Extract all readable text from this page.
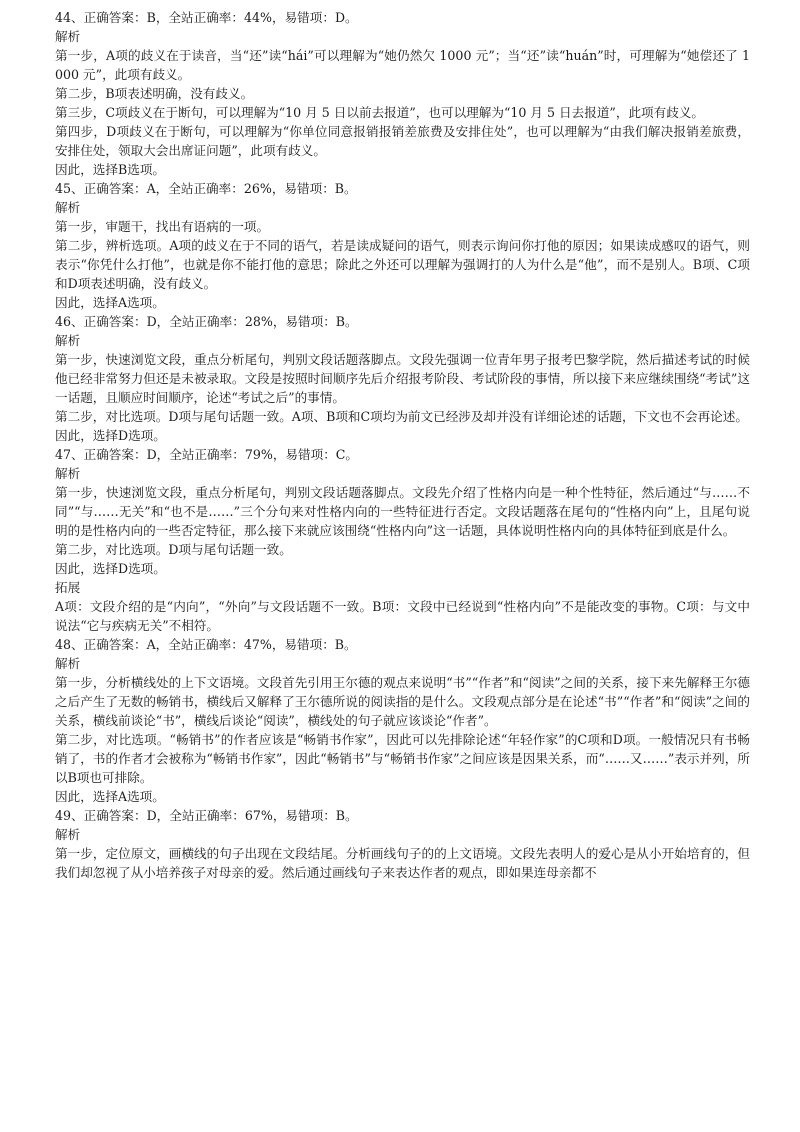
44、正确答案：B，全站正确率：44%，易错项：D。

解析

第一步，A项的歧义在于读音，当“还”读“hái”可以理解为“她仍然欠 1000 元”；当“还”读“huán”时，可理解为“她偿还了 1000 元”，此项有歧义。

第二步，B项表述明确，没有歧义。

第三步，C项歧义在于断句，可以理解为“10 月 5 日以前去报道”，也可以理解为“10 月 5 日去报道”，此项有歧义。

第四步，D项歧义在于断句，可以理解为“你单位同意报销报销差旅费及安排住处”，也可以理解为“由我们解决报销差旅费，安排住处，领取大会出席证问题”，此项有歧义。

因此，选择B选项。

45、正确答案：A，全站正确率：26%，易错项：B。

解析

第一步，审题干，找出有语病的一项。

第二步，辨析选项。A项的歧义在于不同的语气，若是读成疑问的语气，则表示询问你打他的原因；如果读成感叹的语气，则表示“你凭什么打他”，也就是你不能打他的意思；除此之外还可以理解为强调打的人为什么是“他”，而不是别人。B项、C项和D项表述明确，没有歧义。

因此，选择A选项。

46、正确答案：D，全站正确率：28%，易错项：B。

解析

第一步，快速浏览文段，重点分析尾句，判别文段话题落脚点。文段先强调一位青年男子报考巴黎学院，然后描述考试的时候他已经非常努力但还是未被录取。文段是按照时间顺序先后介绍报考阶段、考试阶段的事情，所以接下来应继续围绕“考试”这一话题，且顺应时间顺序，论述“考试之后”的事情。

第二步，对比选项。D项与尾句话题一致。A项、B项和C项均为前文已经涉及却并没有详细论述的话题，下文也不会再论述。

因此，选择D选项。

47、正确答案：D，全站正确率：79%，易错项：C。

解析

第一步，快速浏览文段，重点分析尾句，判别文段话题落脚点。文段先介绍了性格内向是一种个性特征，然后通过“与……不同”“与……无关”和“也不是……”三个分句来对性格内向的一些特征进行否定。文段话题落在尾句的“性格内向”上，且尾句说明的是性格内向的一些否定特征，那么接下来就应该围绕“性格内向”这一话题，具体说明性格内向的具体特征到底是什么。

第二步，对比选项。D项与尾句话题一致。

因此，选择D选项。

拓展

A项：文段介绍的是“内向”，“外向”与文段话题不一致。B项：文段中已经说到“性格内向”不是能改变的事物。C项：与文中说法“它与疾病无关”不相符。

48、正确答案：A，全站正确率：47%，易错项：B。

解析

第一步，分析横线处的上下文语境。文段首先引用王尔德的观点来说明“书”“作者”和“阅读”之间的关系，接下来先解释王尔德之后产生了无数的畅销书，横线后又解释了王尔德所说的阅读指的是什么。文段观点部分是在论述“书”“作者”和“阅读”之间的关系，横线前谈论“书”，横线后谈论“阅读”，横线处的句子就应该谈论“作者”。

第二步，对比选项。“畅销书”的作者应该是“畅销书作家”，因此可以先排除论述“年轻作家”的C项和D项。一般情况只有书畅销了，书的作者才会被称为“畅销书作家”，因此“畅销书”与“畅销书作家”之间应该是因果关系，而“……又……”表示并列，所以B项也可排除。

因此，选择A选项。

49、正确答案：D，全站正确率：67%，易错项：B。

解析

第一步，定位原文，画横线的句子出现在文段结尾。分析画线句子的的上文语境。文段先表明人的爱心是从小开始培育的，但我们却忽视了从小培养孩子对母亲的爱。然后通过画线句子来表达作者的观点，即如果连母亲都不
